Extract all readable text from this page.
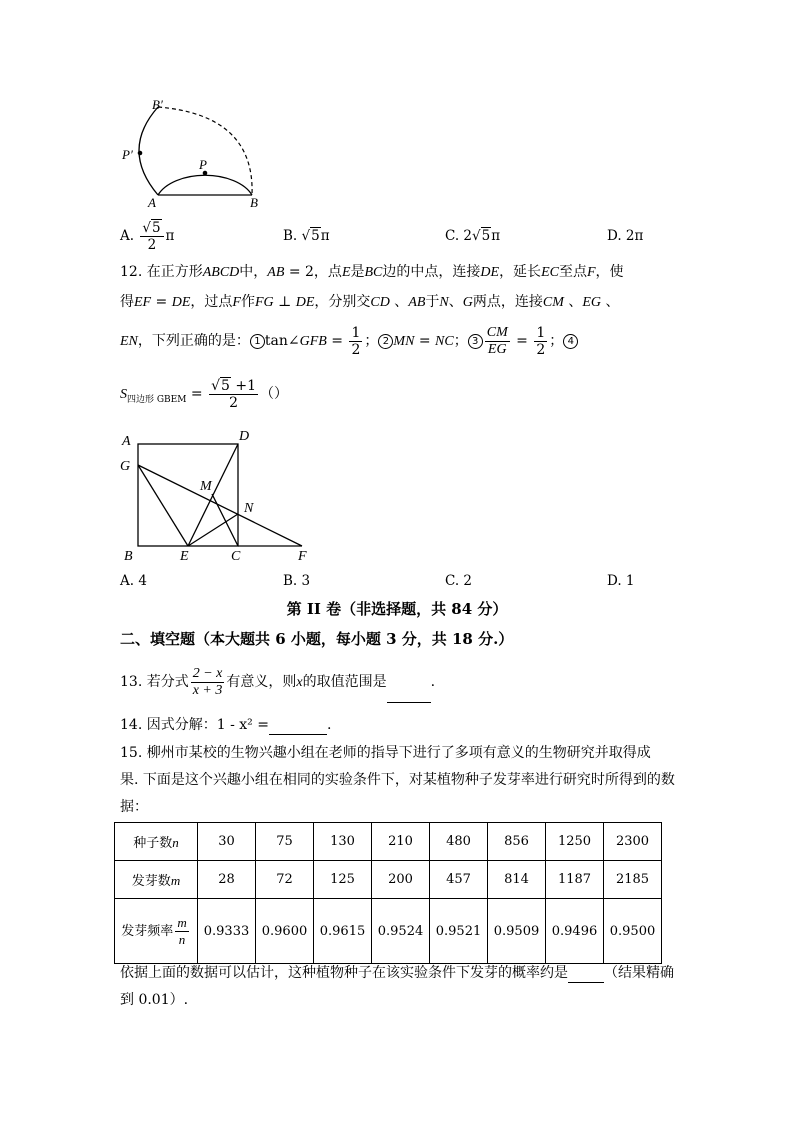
B′
P′
P
A	B
A. $\frac{√5}{2}$ π	B. √5π	C. 2√5π	D. 2π
12. 在正方形ABCD中，AB = 2，点E是BC边的中点，连接DE，延长EC至点F，使
得EF = DE，过点F作FG ⊥ DE，分别交CD 、AB于N、G两点，连接CM 、EG 、
EN，下列正确的是： 1 tan∠GFB = $\frac{1}{2}$ ； 2 MN = NC； $3 \frac{CM}{EG} = \frac{1}{2}$ ； 4
$S_{四边形 GBEM} = \frac{√5 +1}{2}$ （）
A	D
G
M
N
B	E	C	F
A. 4	B. 3	C. 2	D. 1
第 II 卷（非选择题，共 84 分）
二、填空题（本大题共 6 小题，每小题 3 分，共 18 分.）
13. 若分式 $\frac{2 - x}{x + 3}$ 有意义，则x的取值范围是	.
14. 因式分解：1 - x² =	.
15. 柳州市某校的生物兴趣小组在老师的指导下进行了多项有意义的生物研究并取得成
果. 下面是这个兴趣小组在相同的实验条件下，对某植物种子发芽率进行研究时所得到的数
据：
种子数n	30	75	130	210	480	856	1250	2300
发芽数m	28	72	125	200	457	814	1187	2185
发芽频率 $\frac{m}{n}$	0.9333	0.9600	0.9615	0.9524	0.9521	0.9509	0.9496	0.9500
依据上面的数据可以估计，这种植物种子在该实验条件下发芽的概率约是	（结果精确
到 0.01）.
